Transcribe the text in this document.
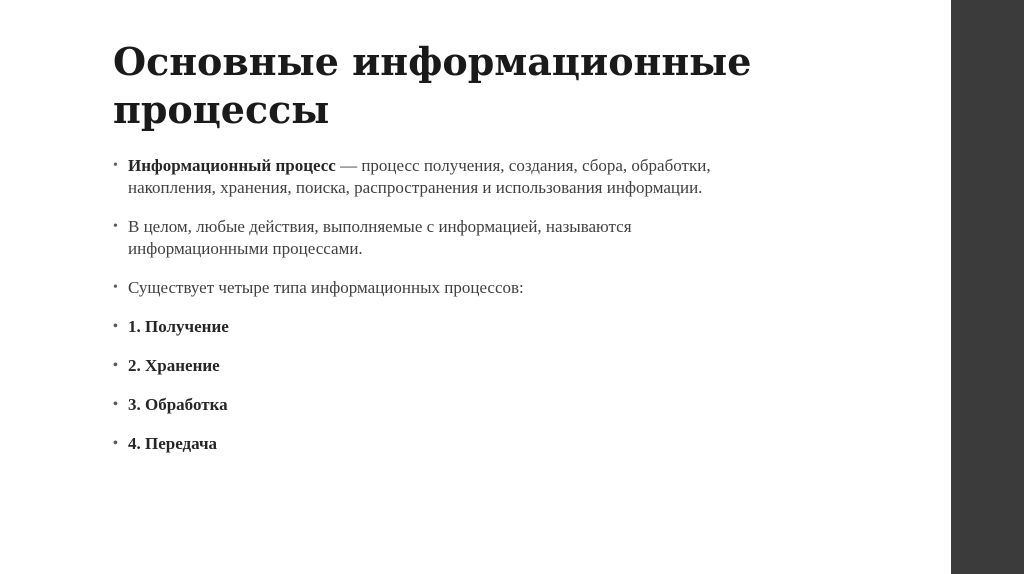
Основные информационные процессы
• Информационный процесс — процесс получения, создания, сбора, обработки, накопления, хранения, поиска, распространения и использования информации.
• В целом, любые действия, выполняемые с информацией, называются информационными процессами.
• Существует четыре типа информационных процессов:
• 1. Получение
• 2. Хранение
• 3. Обработка
• 4. Передача
